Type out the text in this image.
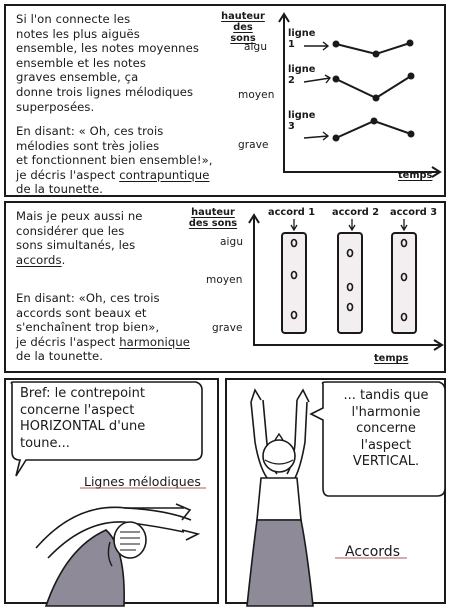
Si l'on connecte les
notes les plus aiguës
ensemble, les notes moyennes
ensemble et les notes
graves ensemble, ça
donne trois lignes mélodiques
superposées.
En disant: « Oh, ces trois
mélodies sont très jolies
et fonctionnent bien ensemble!»,
je décris l'aspect contrapuntique
de la tounette.
hauteur des
sons
aigu
moyen
grave
ligne
1
ligne
2
ligne
3
temps
Mais je peux aussi ne
considérer que les
sons simultanés, les
accords.
En disant: «Oh, ces trois
accords sont beaux et
s'enchaînent trop bien»,
je décris l'aspect harmonique
de la tounette.
hauteur
des sons
aigu
moyen
grave
accord 1 accord 2 accord 3
temps
Bref: le contrepoint
concerne l'aspect
HORIZONTAL d'une
toune...
Lignes mélodiques
... tandis que
l'harmonie
concerne
l'aspect
VERTICAL.
Accords
